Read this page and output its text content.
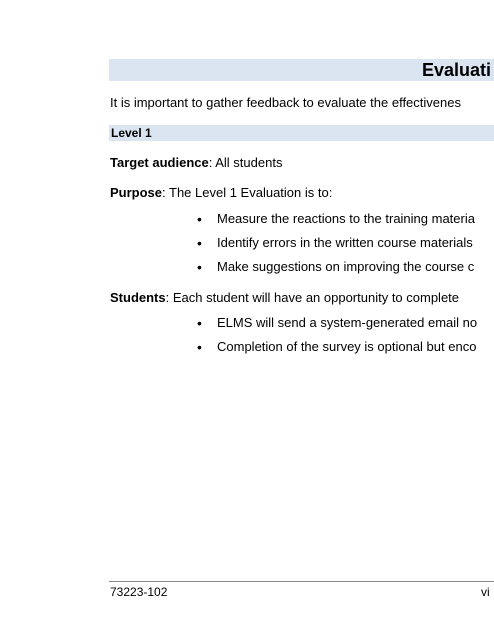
Evaluati
It is important to gather feedback to evaluate the effectivenes
Level 1
Target audience: All students
Purpose: The Level 1 Evaluation is to:
• Measure the reactions to the training materia
• Identify errors in the written course materials
• Make suggestions on improving the course c
Students: Each student will have an opportunity to complete
• ELMS will send a system-generated email no
• Completion of the survey is optional but enco
73223-102	vi
